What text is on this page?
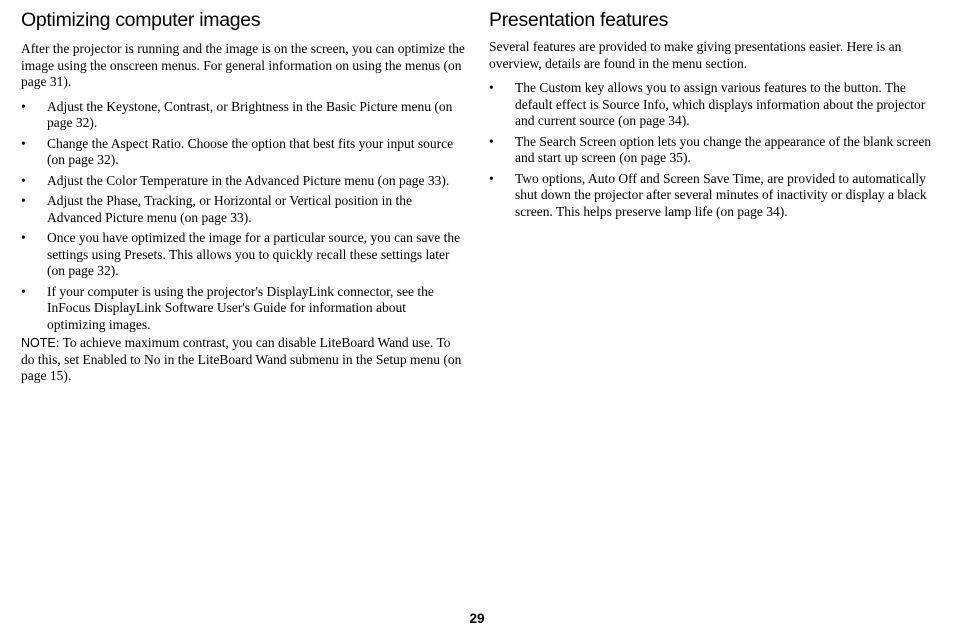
Optimizing computer images

After the projector is running and the image is on the screen, you can optimize the image using the onscreen menus. For general information on using the menus (on page 31).

• Adjust the Keystone, Contrast, or Brightness in the Basic Picture menu (on page 32).
• Change the Aspect Ratio. Choose the option that best fits your input source (on page 32).
• Adjust the Color Temperature in the Advanced Picture menu (on page 33).
• Adjust the Phase, Tracking, or Horizontal or Vertical position in the Advanced Picture menu (on page 33).
• Once you have optimized the image for a particular source, you can save the settings using Presets. This allows you to quickly recall these settings later (on page 32).
• If your computer is using the projector's DisplayLink connector, see the InFocus DisplayLink Software User's Guide for information about optimizing images.

NOTE: To achieve maximum contrast, you can disable LiteBoard Wand use. To do this, set Enabled to No in the LiteBoard Wand submenu in the Setup menu (on page 15).

Presentation features

Several features are provided to make giving presentations easier. Here is an overview, details are found in the menu section.

• The Custom key allows you to assign various features to the button. The default effect is Source Info, which displays information about the projector and current source (on page 34).
• The Search Screen option lets you change the appearance of the blank screen and start up screen (on page 35).
• Two options, Auto Off and Screen Save Time, are provided to automatically shut down the projector after several minutes of inactivity or display a black screen. This helps preserve lamp life (on page 34).
29
